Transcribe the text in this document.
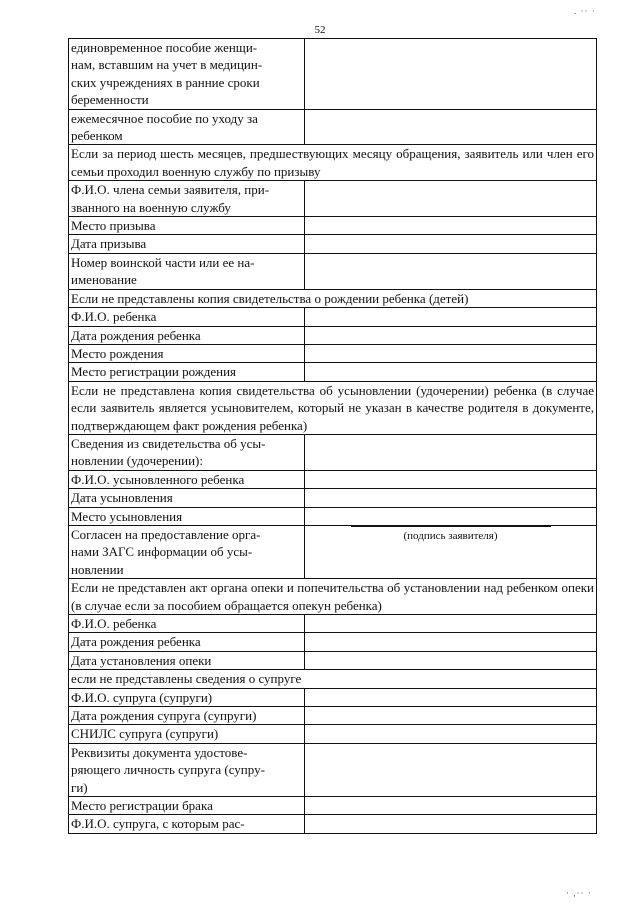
52
единовременное пособие женщи-
нам, вставшим на учет в медицин-
ских учреждениях в ранние сроки
беременности	
ежемесячное пособие по уходу за
ребенком	
Если за период шесть месяцев, предшествующих месяцу обращения, заявитель или член его семьи проходил военную службу по призыву	
Ф.И.О. члена семьи заявителя, при-
званного на военную службу	
Место призыва	
Дата призыва	
Номер воинской части или ее на-
именование	
Если не представлены копия свидетельства о рождении ребенка (детей)	
Ф.И.О. ребенка	
Дата рождения ребенка	
Место рождения	
Место регистрации рождения	
Если не представлена копия свидетельства об усыновлении (удочерении) ребенка (в случае если заявитель является усыновителем, который не указан в качестве родителя в документе, подтверждающем факт рождения ребенка)	
Сведения из свидетельства об усы-
новлении (удочерении):	
Ф.И.О. усыновленного ребенка	
Дата усыновления	
Место усыновления	
Согласен на предоставление орга-
нами ЗАГС информации об усы-
новлении	(подпись заявителя)

Если не представлен акт органа опеки и попечительства об установлении над ребенком опеки (в случае если за пособием обращается опекун ребенка)	
Ф.И.О. ребенка	
Дата рождения ребенка	
Дата установления опеки	
если не представлены сведения о супруге	
Ф.И.О. супруга (супруги)	
Дата рождения супруга (супруги)	
СНИЛС супруга (супруги)	
Реквизиты документа удостове-
ряющего личность супруга (супру-
ги)	
Место регистрации брака	
Ф.И.О. супруга, с которым рас-	
. ·· ·
· ,·· ·
